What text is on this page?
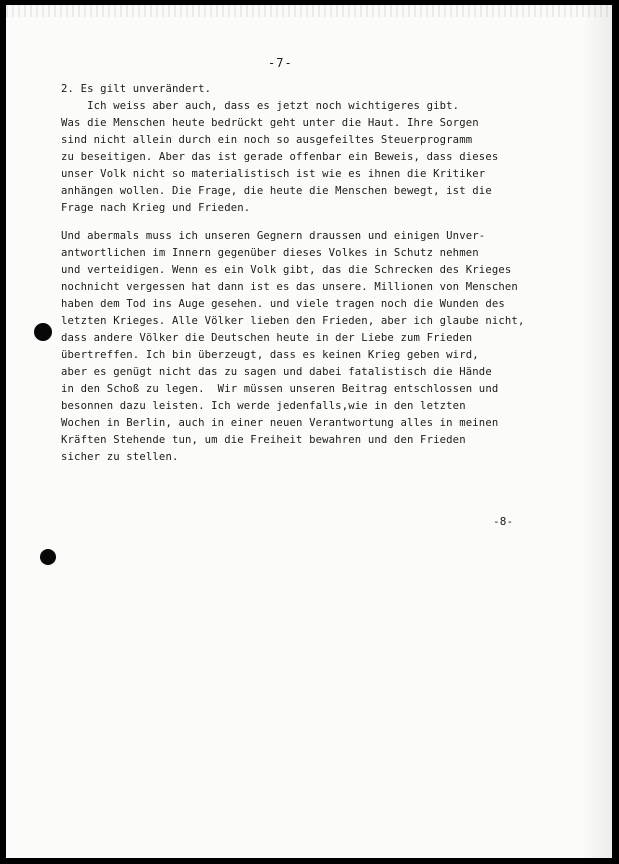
-7-
2. Es gilt unverändert.
Ich weiss aber auch, dass es jetzt noch wichtigeres gibt.
Was die Menschen heute bedrückt geht unter die Haut. Ihre Sorgen
sind nicht allein durch ein noch so ausgefeiltes Steuerprogramm
zu beseitigen. Aber das ist gerade offenbar ein Beweis, dass dieses
unser Volk nicht so materialistisch ist wie es ihnen die Kritiker
anhängen wollen. Die Frage, die heute die Menschen bewegt, ist die
Frage nach Krieg und Frieden.
Und abermals muss ich unseren Gegnern draussen und einigen Unver-
antwortlichen im Innern gegenüber dieses Volkes in Schutz nehmen
und verteidigen. Wenn es ein Volk gibt, das die Schrecken des Krieges
nochnicht vergessen hat dann ist es das unsere. Millionen von Menschen
haben dem Tod ins Auge gesehen. und viele tragen noch die Wunden des
letzten Krieges. Alle Völker lieben den Frieden, aber ich glaube nicht,
dass andere Völker die Deutschen heute in der Liebe zum Frieden
übertreffen. Ich bin überzeugt, dass es keinen Krieg geben wird,
aber es genügt nicht das zu sagen und dabei fatalistisch die Hände
in den Schoß zu legen.  Wir müssen unseren Beitrag entschlossen und
besonnen dazu leisten. Ich werde jedenfalls,wie in den letzten
Wochen in Berlin, auch in einer neuen Verantwortung alles in meinen
Kräften Stehende tun, um die Freiheit bewahren und den Frieden
sicher zu stellen.
-8-
